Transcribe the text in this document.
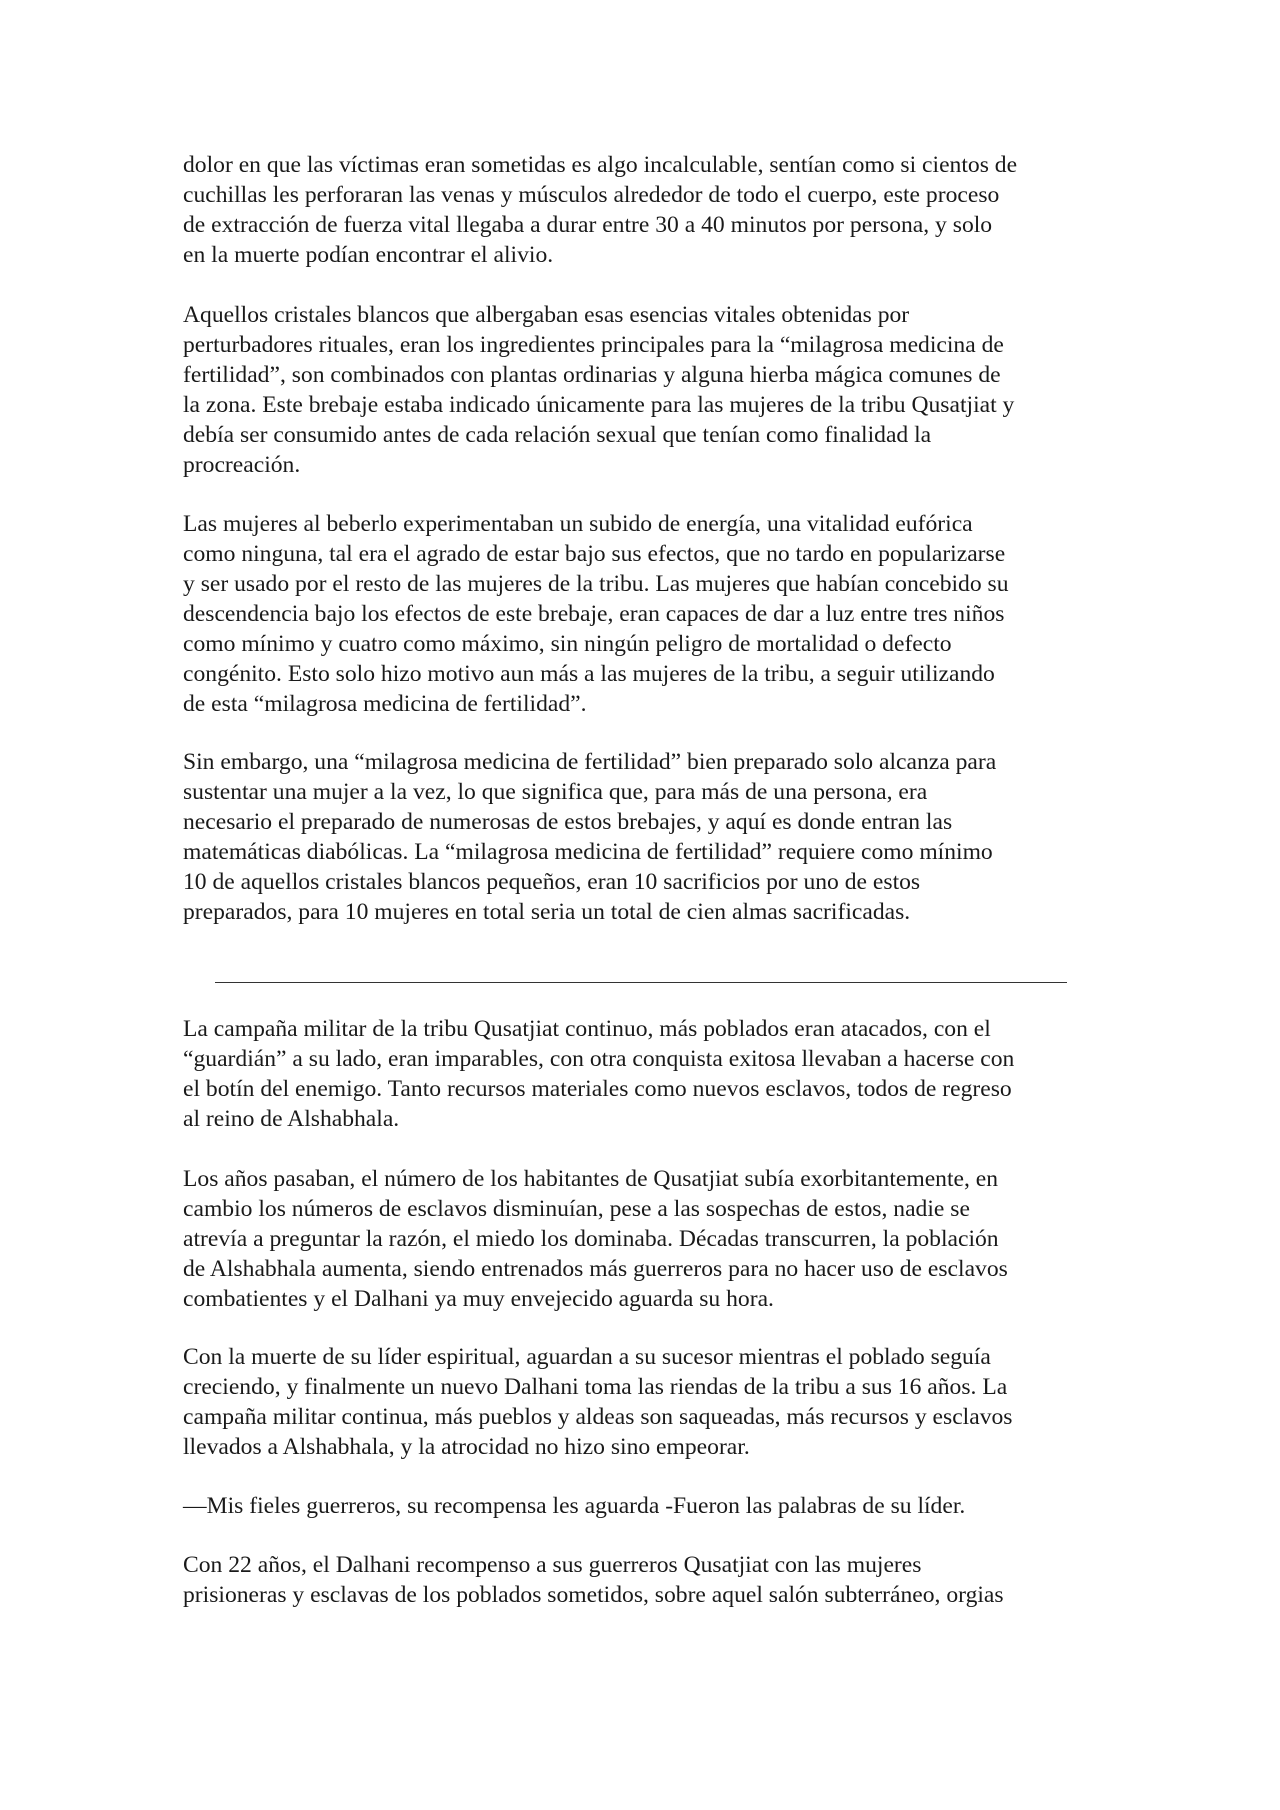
dolor en que las víctimas eran sometidas es algo incalculable, sentían como si cientos de
cuchillas les perforaran las venas y músculos alrededor de todo el cuerpo, este proceso
de extracción de fuerza vital llegaba a durar entre 30 a 40 minutos por persona, y solo
en la muerte podían encontrar el alivio.

Aquellos cristales blancos que albergaban esas esencias vitales obtenidas por
perturbadores rituales, eran los ingredientes principales para la “milagrosa medicina de
fertilidad”, son combinados con plantas ordinarias y alguna hierba mágica comunes de
la zona. Este brebaje estaba indicado únicamente para las mujeres de la tribu Qusatjiat y
debía ser consumido antes de cada relación sexual que tenían como finalidad la
procreación.

Las mujeres al beberlo experimentaban un subido de energía, una vitalidad eufórica
como ninguna, tal era el agrado de estar bajo sus efectos, que no tardo en popularizarse
y ser usado por el resto de las mujeres de la tribu. Las mujeres que habían concebido su
descendencia bajo los efectos de este brebaje, eran capaces de dar a luz entre tres niños
como mínimo y cuatro como máximo, sin ningún peligro de mortalidad o defecto
congénito. Esto solo hizo motivo aun más a las mujeres de la tribu, a seguir utilizando
de esta “milagrosa medicina de fertilidad”.

Sin embargo, una “milagrosa medicina de fertilidad” bien preparado solo alcanza para
sustentar una mujer a la vez, lo que significa que, para más de una persona, era
necesario el preparado de numerosas de estos brebajes, y aquí es donde entran las
matemáticas diabólicas. La “milagrosa medicina de fertilidad” requiere como mínimo
10 de aquellos cristales blancos pequeños, eran 10 sacrificios por uno de estos
preparados, para 10 mujeres en total seria un total de cien almas sacrificadas.

La campaña militar de la tribu Qusatjiat continuo, más poblados eran atacados, con el
“guardián” a su lado, eran imparables, con otra conquista exitosa llevaban a hacerse con
el botín del enemigo. Tanto recursos materiales como nuevos esclavos, todos de regreso
al reino de Alshabhala.

Los años pasaban, el número de los habitantes de Qusatjiat subía exorbitantemente, en
cambio los números de esclavos disminuían, pese a las sospechas de estos, nadie se
atrevía a preguntar la razón, el miedo los dominaba. Décadas transcurren, la población
de Alshabhala aumenta, siendo entrenados más guerreros para no hacer uso de esclavos
combatientes y el Dalhani ya muy envejecido aguarda su hora.

Con la muerte de su líder espiritual, aguardan a su sucesor mientras el poblado seguía
creciendo, y finalmente un nuevo Dalhani toma las riendas de la tribu a sus 16 años. La
campaña militar continua, más pueblos y aldeas son saqueadas, más recursos y esclavos
llevados a Alshabhala, y la atrocidad no hizo sino empeorar.

—Mis fieles guerreros, su recompensa les aguarda -Fueron las palabras de su líder.

Con 22 años, el Dalhani recompenso a sus guerreros Qusatjiat con las mujeres
prisioneras y esclavas de los poblados sometidos, sobre aquel salón subterráneo, orgias
